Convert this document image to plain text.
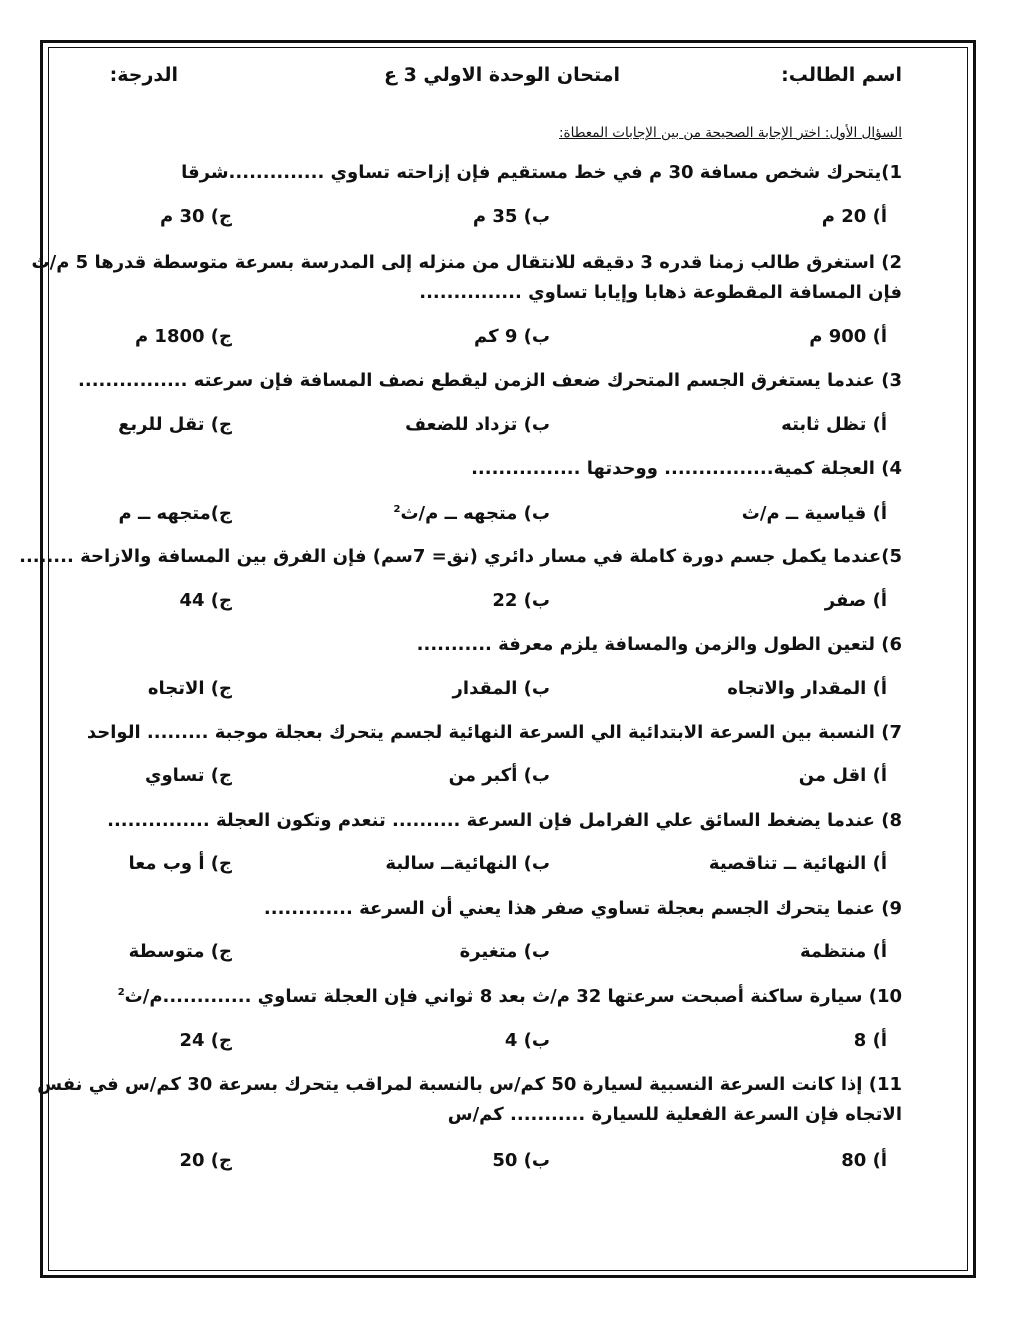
اسم الطالب:
امتحان الوحدة الاولي 3 ع
الدرجة:
السؤال الأول: اختر الإجابة الصحيحة من بين الإجابات المعطاة:
1)يتحرك شخص مسافة 30 م في خط مستقيم فإن إزاحته تساوي ..............شرقا
أ) 20 م
ب) 35 م
ج) 30 م
2) استغرق طالب زمنا قدره 3 دقيقه للانتقال من منزله إلى المدرسة بسرعة متوسطة قدرها 5 م/ث
فإن المسافة المقطوعة ذهابا وإيابا تساوي ...............
أ) 900 م
ب) 9 كم
ج) 1800 م
3) عندما يستغرق الجسم المتحرك ضعف الزمن ليقطع نصف المسافة فإن سرعته ................
أ) تظل ثابته
ب) تزداد للضعف
ج) تقل للربع
4) العجلة كمية................ ووحدتها ................
أ) قياسية ــ م/ث
ب) متجهه ــ م/ث$^2$
ج)متجهه ــ م
5)عندما يكمل جسم دورة كاملة في مسار دائري (نق= 7سم) فإن الفرق بين المسافة والازاحة ........
أ) صفر
ب) 22
ج) 44
6) لتعين الطول والزمن والمسافة يلزم معرفة ...........
أ) المقدار والاتجاه
ب) المقدار
ج) الاتجاه
7) النسبة بين السرعة الابتدائية الي السرعة النهائية لجسم يتحرك بعجلة موجبة ......... الواحد
أ) اقل من
ب) أكبر من
ج) تساوي
8) عندما يضغط السائق علي الفرامل فإن السرعة .......... تنعدم وتكون العجلة ...............
أ) النهائية ــ تناقصية
ب) النهائيةــ سالبة
ج) أ وب معا
9) عنما يتحرك الجسم بعجلة تساوي صفر هذا يعني أن السرعة .............
أ) منتظمة
ب) متغيرة
ج) متوسطة
10) سيارة ساكنة أصبحت سرعتها 32 م/ث بعد 8 ثواني فإن العجلة تساوي .............م/ث$^2$
أ) 8
ب) 4
ج) 24
11) إذا كانت السرعة النسبية لسيارة 50 كم/س بالنسبة لمراقب يتحرك بسرعة 30 كم/س في نفس
الاتجاه فإن السرعة الفعلية للسيارة ........... كم/س
أ) 80
ب) 50
ج) 20
